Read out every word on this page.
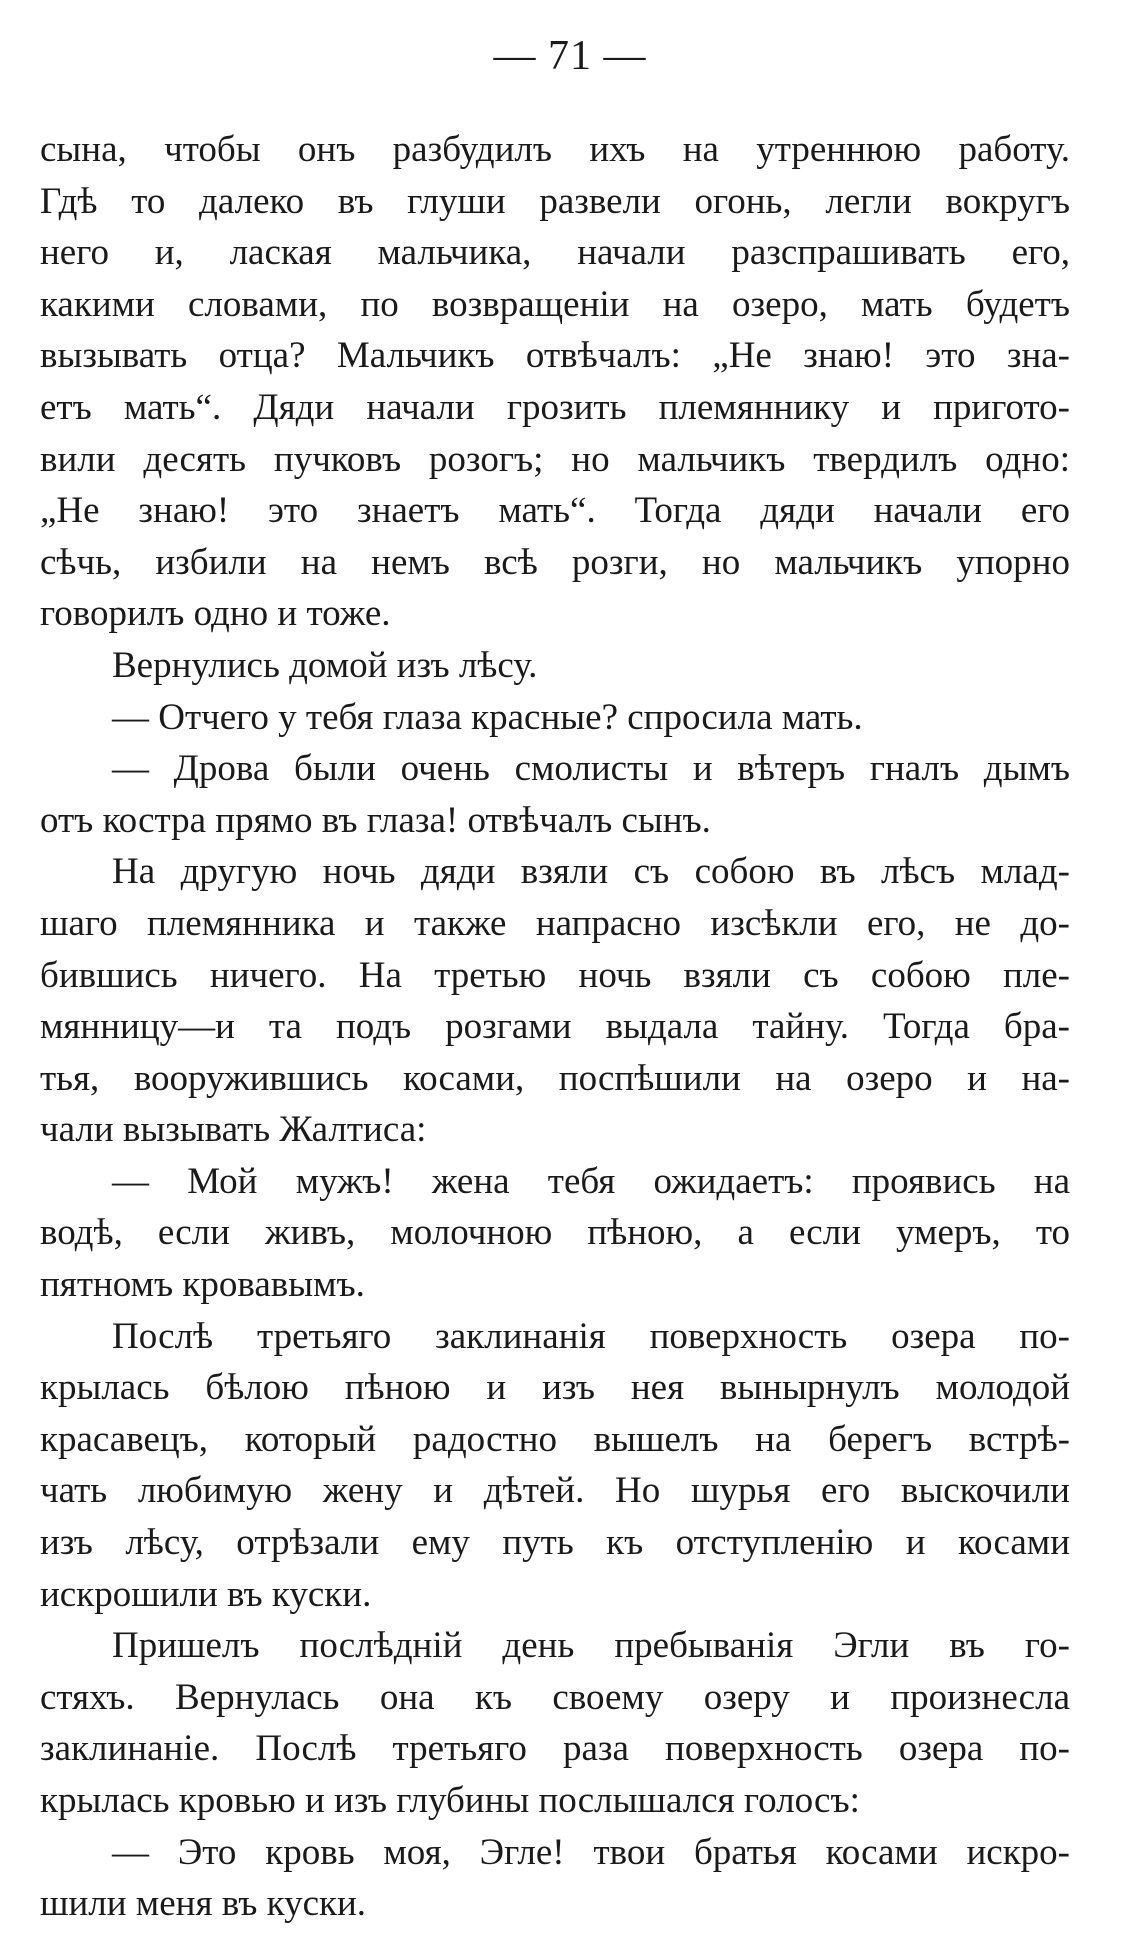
— 71 —
сына, чтобы онъ разбудилъ ихъ на утреннюю работу.
Гдѣ то далеко въ глуши развели огонь, легли вокругъ
него и, лаская мальчика, начали разспрашивать его,
какими словами, по возвращеніи на озеро, мать будетъ
вызывать отца? Мальчикъ отвѣчалъ: „Не знаю! это зна-
етъ мать“. Дяди начали грозить племяннику и пригото-
вили десять пучковъ розогъ; но мальчикъ твердилъ одно:
„Не знаю! это знаетъ мать“. Тогда дяди начали его
сѣчь, избили на немъ всѣ розги, но мальчикъ упорно
говорилъ одно и тоже.
Вернулись домой изъ лѣсу.
— Отчего у тебя глаза красные? спросила мать.
— Дрова были очень смолисты и вѣтеръ гналъ дымъ
отъ костра прямо въ глаза! отвѣчалъ сынъ.
На другую ночь дяди взяли съ собою въ лѣсъ млад-
шаго племянника и также напрасно изсѣкли его, не до-
бившись ничего. На третью ночь взяли съ собою пле-
мянницу—и та подъ розгами выдала тайну. Тогда бра-
тья, вооружившись косами, поспѣшили на озеро и на-
чали вызывать Жалтиса:
— Мой мужъ! жена тебя ожидаетъ: проявись на
водѣ, если живъ, молочною пѣною, а если умеръ, то
пятномъ кровавымъ.
Послѣ третьяго заклинанія поверхность озера по-
крылась бѣлою пѣною и изъ нея вынырнулъ молодой
красавецъ, который радостно вышелъ на берегъ встрѣ-
чать любимую жену и дѣтей. Но шурья его выскочили
изъ лѣсу, отрѣзали ему путь къ отступленію и косами
искрошили въ куски.
Пришелъ послѣдній день пребыванія Эгли въ го-
стяхъ. Вернулась она къ своему озеру и произнесла
заклинаніе. Послѣ третьяго раза поверхность озера по-
крылась кровью и изъ глубины послышался голосъ:
— Это кровь моя, Эгле! твои братья косами искро-
шили меня въ куски.
